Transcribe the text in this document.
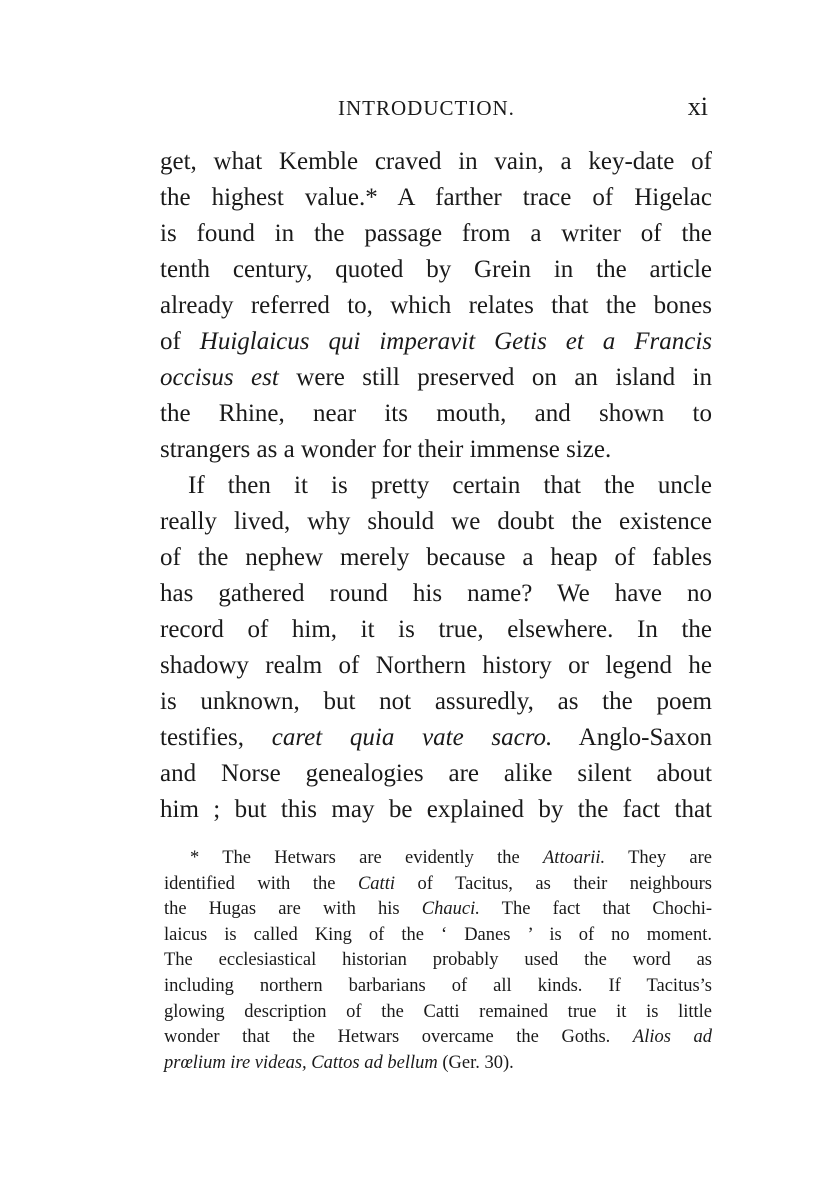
INTRODUCTION.	xi
get, what Kemble craved in vain, a key-date of
the highest value.* A farther trace of Higelac
is found in the passage from a writer of the
tenth century, quoted by Grein in the article
already referred to, which relates that the bones
of Huiglaicus qui imperavit Getis et a Francis
occisus est were still preserved on an island in
the Rhine, near its mouth, and shown to
strangers as a wonder for their immense size.
If then it is pretty certain that the uncle
really lived, why should we doubt the existence
of the nephew merely because a heap of fables
has gathered round his name? We have no
record of him, it is true, elsewhere. In the
shadowy realm of Northern history or legend he
is unknown, but not assuredly, as the poem
testifies, caret quia vate sacro. Anglo-Saxon
and Norse genealogies are alike silent about
him ; but this may be explained by the fact that
* The Hetwars are evidently the Attoarii. They are
identified with the Catti of Tacitus, as their neighbours
the Hugas are with his Chauci. The fact that Chochi-
laicus is called King of the ‘ Danes ’ is of no moment.
The ecclesiastical historian probably used the word as
including northern barbarians of all kinds. If Tacitus’s
glowing description of the Catti remained true it is little
wonder that the Hetwars overcame the Goths. Alios ad
prœlium ire videas, Cattos ad bellum (Ger. 30).
